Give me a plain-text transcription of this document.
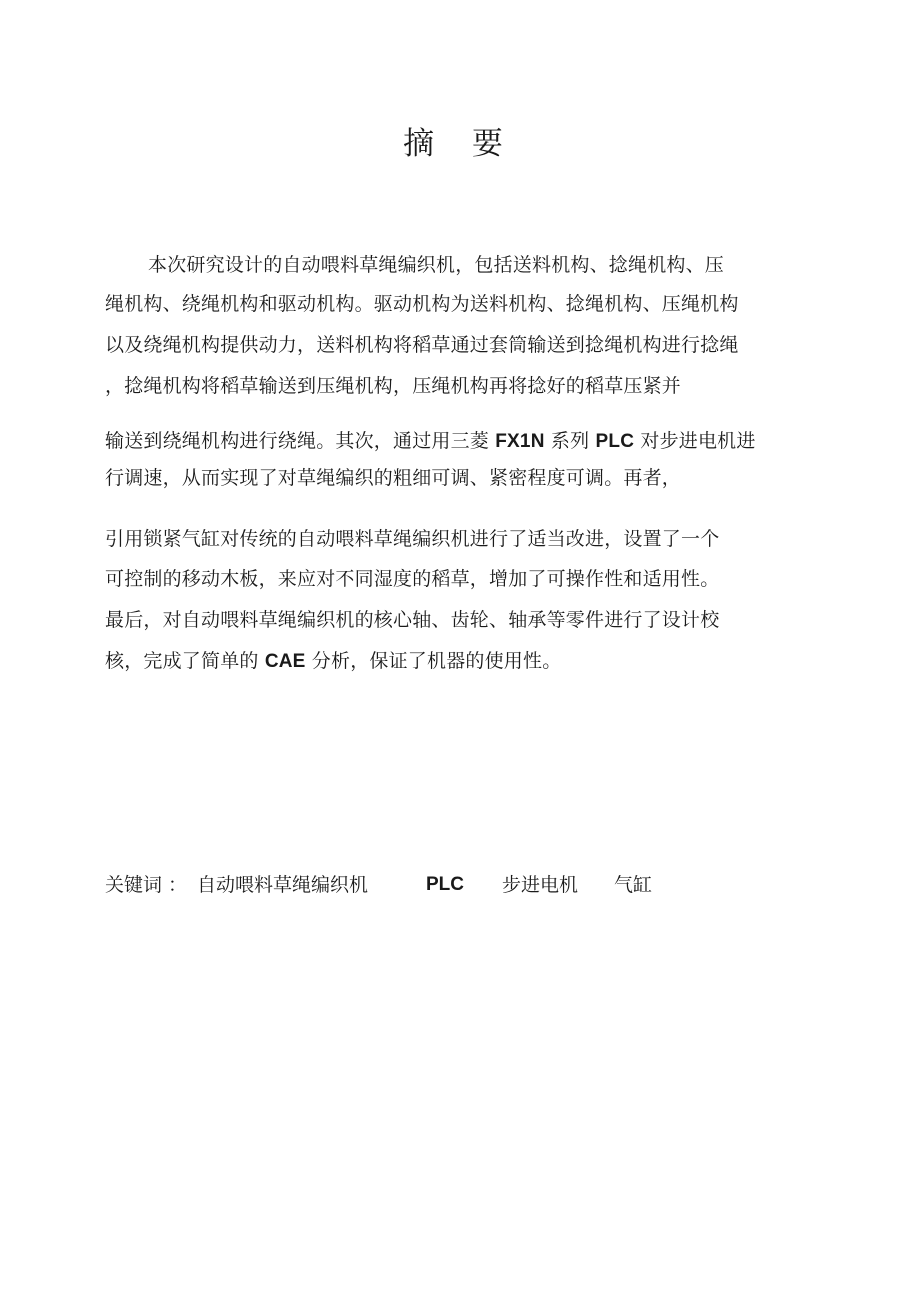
摘 要
本次研究设计的自动喂料草绳编织机，包括送料机构、捻绳机构、压
绳机构、绕绳机构和驱动机构。驱动机构为送料机构、捻绳机构、压绳机构
以及绕绳机构提供动力，送料机构将稻草通过套筒输送到捻绳机构进行捻绳
，捻绳机构将稻草输送到压绳机构，压绳机构再将捻好的稻草压紧并
输送到绕绳机构进行绕绳。其次，通过用三菱 FX1N 系列 PLC 对步进电机进
行调速，从而实现了对草绳编织的粗细可调、紧密程度可调。再者，
引用锁紧气缸对传统的自动喂料草绳编织机进行了适当改进，设置了一个
可控制的移动木板，来应对不同湿度的稻草，增加了可操作性和适用性。
最后，对自动喂料草绳编织机的核心轴、齿轮、轴承等零件进行了设计校
核，完成了简单的 CAE 分析，保证了机器的使用性。
关键词 ： 自动喂料草绳编织机	PLC 步进电机 气缸
